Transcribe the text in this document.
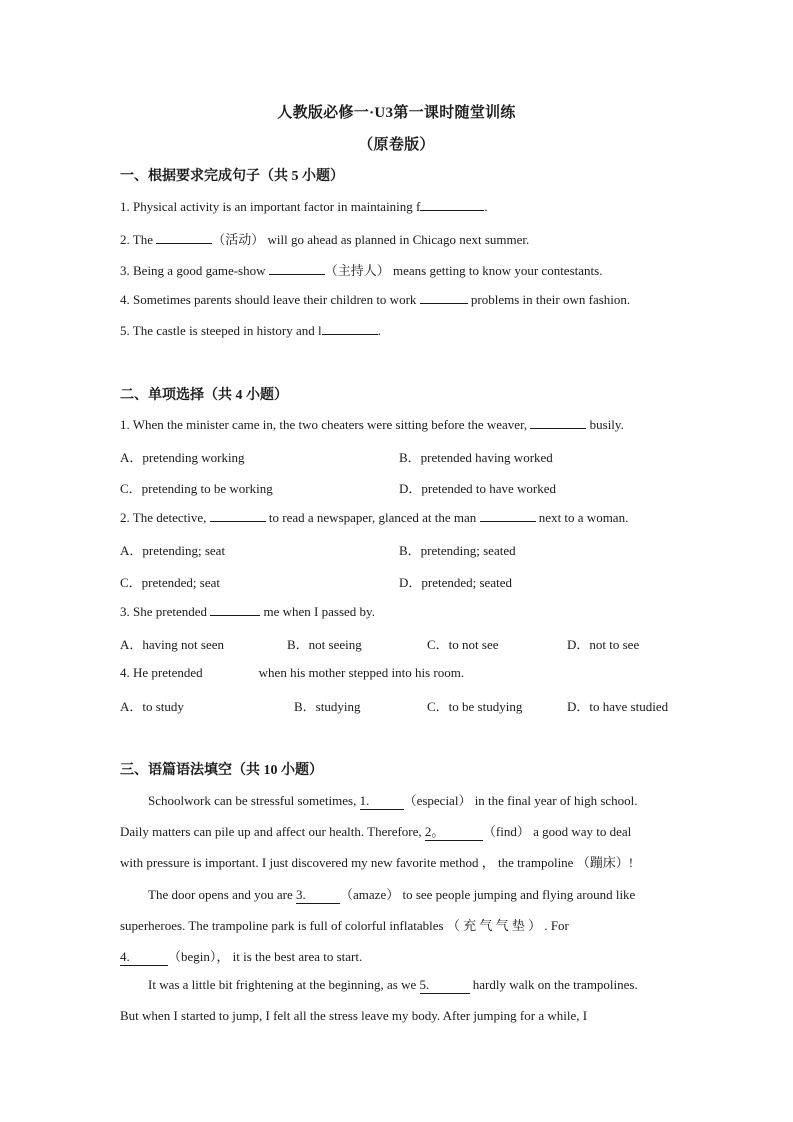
人教版必修一·U3第一课时随堂训练
（原卷版）
一、根据要求完成句子（共 5 小题）
1. Physical activity is an important factor in maintaining f	.
2. The	（活动） will go ahead as planned in Chicago next summer.
3. Being a good game-show	（主持人） means getting to know your contestants.
4. Sometimes parents should leave their children to work	problems in their own fashion.
5. The castle is steeped in history and l	.
二、单项选择（共 4 小题）
1. When the minister came in, the two cheaters were sitting before the weaver,	busily.
A．pretending working	B．pretended having worked
C．pretending to be working	D．pretended to have worked
2. The detective,	to read a newspaper, glanced at the man	next to a woman.
A．pretending; seat	B．pretending; seated
C．pretended; seat	D．pretended; seated
3. She pretended	me when I passed by.
A．having not seen	B．not seeing	C．to not see	D．not to see
4. He pretended	when his mother stepped into his room.
A．to study	B．studying	C．to be studying	D．to have studied
三、语篇语法填空（共 10 小题）
Schoolwork can be stressful sometimes, 1.	（especial） in the final year of high school.
Daily matters can pile up and affect our health. Therefore, 2。	（find） a good way to deal
with pressure is important. I just discovered my new favorite method ， the trampoline （蹦床）!
The door opens and you are 3.	（amaze） to see people jumping and flying around like
superheroes. The trampoline park is full of colorful inflatables （ 充 气 气 垫 ） . For
4.	（begin）， it is the best area to start.
It was a little bit frightening at the beginning, as we 5.	hardly walk on the trampolines.
But when I started to jump, I felt all the stress leave my body. After jumping for a while, I
